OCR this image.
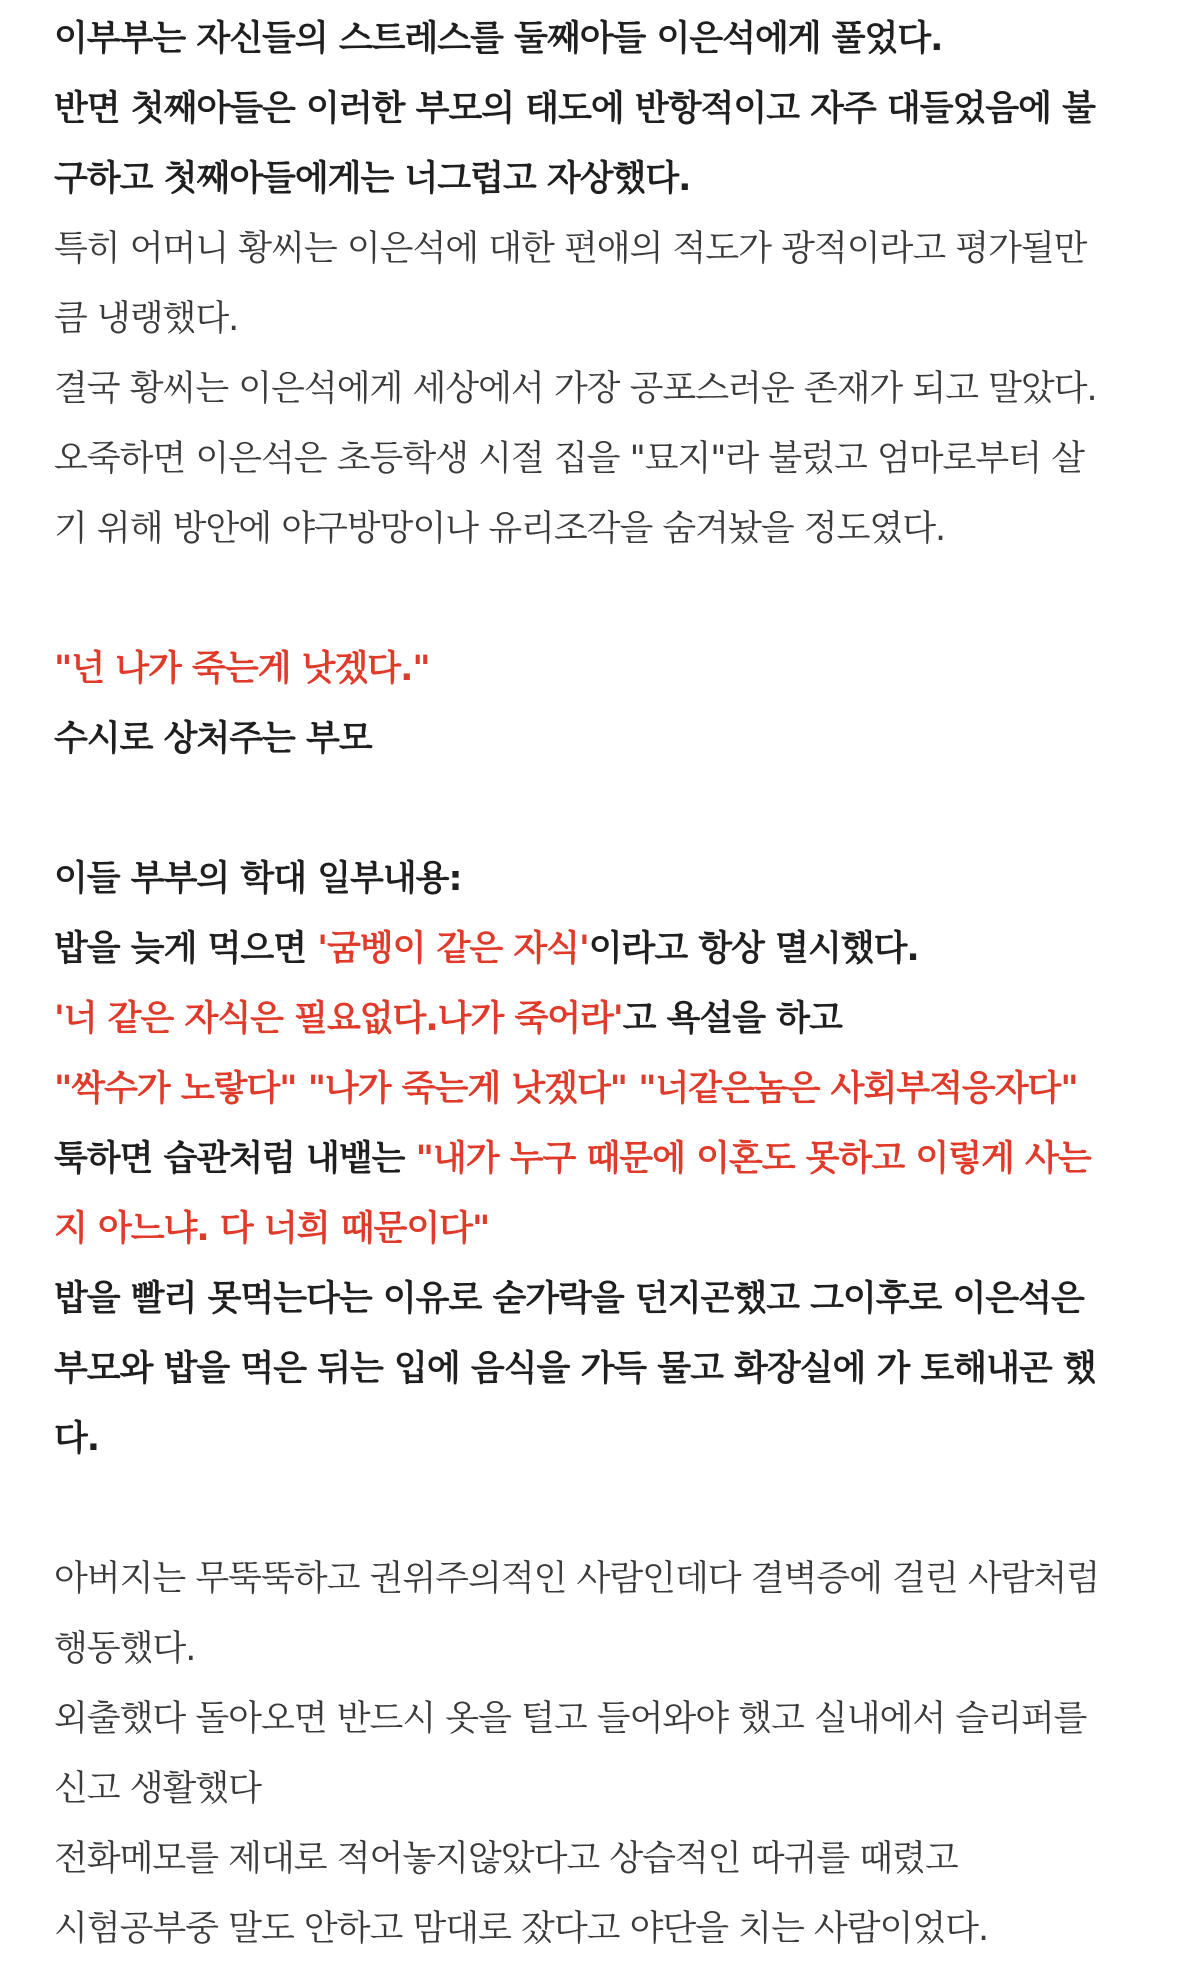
이부부는 자신들의 스트레스를 둘째아들 이은석에게 풀었다.

반면 첫째아들은 이러한 부모의 태도에 반항적이고 자주 대들었음에 불

구하고 첫째아들에게는 너그럽고 자상했다.

특히 어머니 황씨는 이은석에 대한 편애의 적도가 광적이라고 평가될만

큼 냉랭했다.

결국 황씨는 이은석에게 세상에서 가장 공포스러운 존재가 되고 말았다.

오죽하면 이은석은 초등학생 시절 집을 "묘지"라 불렀고 엄마로부터 살

기 위해 방안에 야구방망이나 유리조각을 숨겨놨을 정도였다.

"넌 나가 죽는게 낫겠다."

수시로 상처주는 부모

이들 부부의 학대 일부내용:

밥을 늦게 먹으면 '굼벵이 같은 자식'이라고 항상 멸시했다.

'너 같은 자식은 필요없다.나가 죽어라'고 욕설을 하고

"싹수가 노랗다" "나가 죽는게 낫겠다" "너같은놈은 사회부적응자다"

툭하면 습관처럼 내뱉는 "내가 누구 때문에 이혼도 못하고 이렇게 사는

지 아느냐. 다 너희 때문이다"

밥을 빨리 못먹는다는 이유로 숟가락을 던지곤했고 그이후로 이은석은

부모와 밥을 먹은 뒤는 입에 음식을 가득 물고 화장실에 가 토해내곤 했

다.

아버지는 무뚝뚝하고 권위주의적인 사람인데다 결벽증에 걸린 사람처럼

행동했다.

외출했다 돌아오면 반드시 옷을 털고 들어와야 했고 실내에서 슬리퍼를

신고 생활했다

전화메모를 제대로 적어놓지않았다고 상습적인 따귀를 때렸고

시험공부중 말도 안하고 맘대로 잤다고 야단을 치는 사람이었다.
